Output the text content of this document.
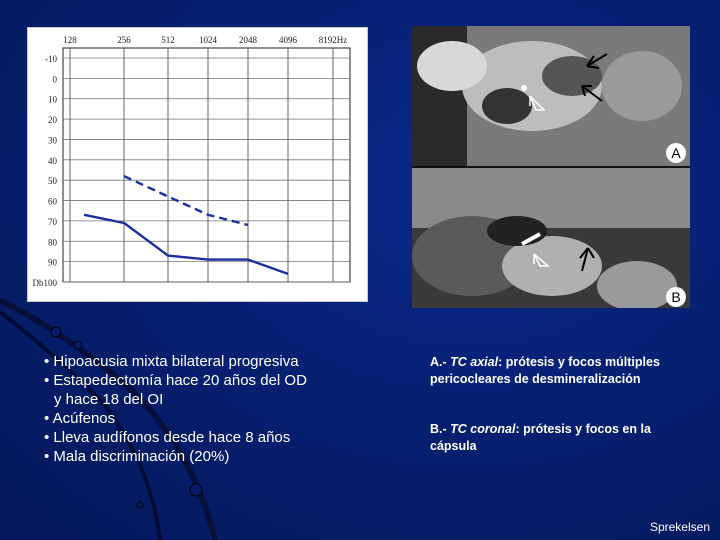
-10
0
10
20
30
40
50
60
70
80
90
Db100
128	256	512	1024 2048 4096 8192Hz
A
B
• Hipoacusia mixta bilateral progresiva
• Estapedectomía hace 20 años del OD
y hace 18 del OI
• Acúfenos
• Lleva audífonos desde hace 8 años
• Mala discriminación (20%)
A.- TC axial: prótesis y focos múltiples pericocleares de desmineralización
B.- TC coronal: prótesis y focos en la cápsula
Sprekelsen
